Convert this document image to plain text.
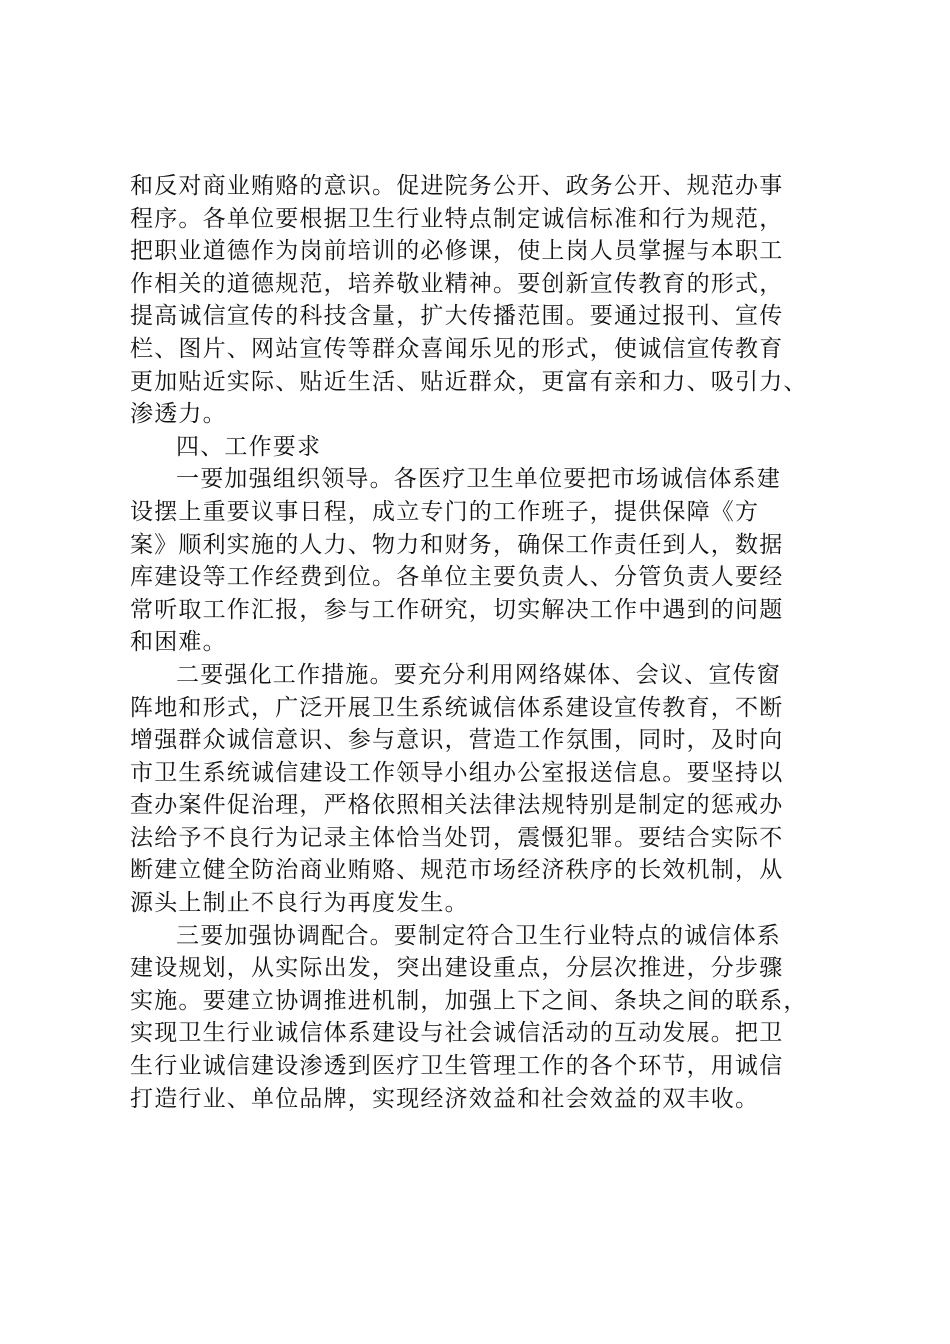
和反对商业贿赂的意识。促进院务公开、政务公开、规范办事
程序。各单位要根据卫生行业特点制定诚信标准和行为规范，
把职业道德作为岗前培训的必修课，使上岗人员掌握与本职工
作相关的道德规范，培养敬业精神。要创新宣传教育的形式，
提高诚信宣传的科技含量，扩大传播范围。要通过报刊、宣传
栏、图片、网站宣传等群众喜闻乐见的形式，使诚信宣传教育
更加贴近实际、贴近生活、贴近群众，更富有亲和力、吸引力、
渗透力。
四、工作要求
一要加强组织领导。各医疗卫生单位要把市场诚信体系建
设摆上重要议事日程，成立专门的工作班子，提供保障《方
案》顺利实施的人力、物力和财务，确保工作责任到人，数据
库建设等工作经费到位。各单位主要负责人、分管负责人要经
常听取工作汇报，参与工作研究，切实解决工作中遇到的问题
和困难。
二要强化工作措施。要充分利用网络媒体、会议、宣传窗
阵地和形式，广泛开展卫生系统诚信体系建设宣传教育，不断
增强群众诚信意识、参与意识，营造工作氛围，同时，及时向
市卫生系统诚信建设工作领导小组办公室报送信息。要坚持以
查办案件促治理，严格依照相关法律法规特别是制定的惩戒办
法给予不良行为记录主体恰当处罚，震慑犯罪。要结合实际不
断建立健全防治商业贿赂、规范市场经济秩序的长效机制，从
源头上制止不良行为再度发生。
三要加强协调配合。要制定符合卫生行业特点的诚信体系
建设规划，从实际出发，突出建设重点，分层次推进，分步骤
实施。要建立协调推进机制，加强上下之间、条块之间的联系，
实现卫生行业诚信体系建设与社会诚信活动的互动发展。把卫
生行业诚信建设渗透到医疗卫生管理工作的各个环节，用诚信
打造行业、单位品牌，实现经济效益和社会效益的双丰收。
